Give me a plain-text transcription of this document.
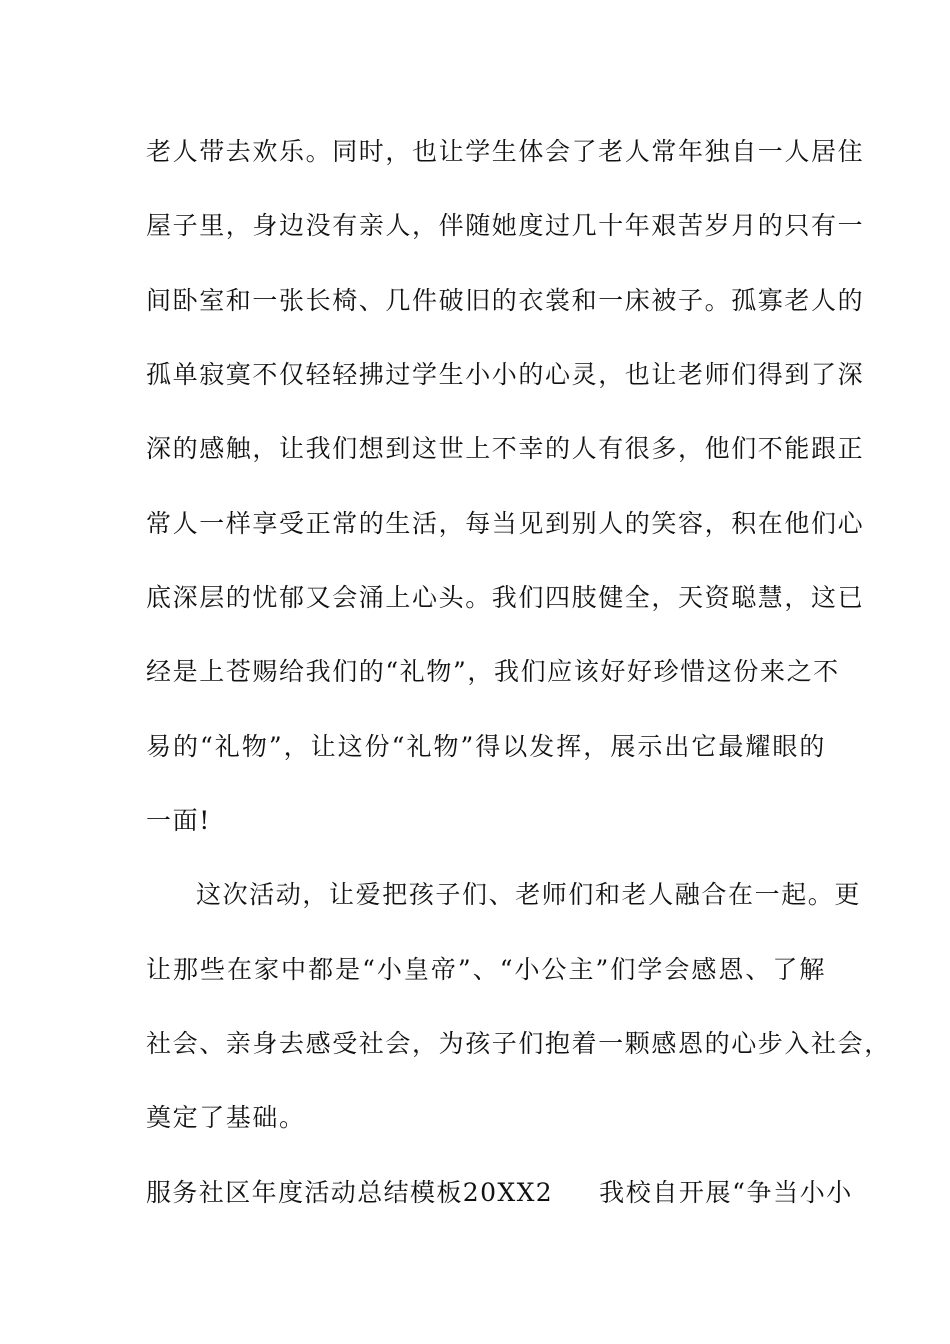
老人带去欢乐。同时，也让学生体会了老人常年独自一人居住
屋子里，身边没有亲人，伴随她度过几十年艰苦岁月的只有一
间卧室和一张长椅、几件破旧的衣裳和一床被子。孤寡老人的
孤单寂寞不仅轻轻拂过学生小小的心灵，也让老师们得到了深
深的感触，让我们想到这世上不幸的人有很多，他们不能跟正
常人一样享受正常的生活，每当见到别人的笑容，积在他们心
底深层的忧郁又会涌上心头。我们四肢健全，天资聪慧，这已
经是上苍赐给我们的“礼物”，我们应该好好珍惜这份来之不
易的“礼物”，让这份“礼物”得以发挥，展示出它最耀眼的
一面!
这次活动，让爱把孩子们、老师们和老人融合在一起。更
让那些在家中都是“小皇帝”、“小公主”们学会感恩、了解
社会、亲身去感受社会，为孩子们抱着一颗感恩的心步入社会，
奠定了基础。
服务社区年度活动总结模板20XX2 我校自开展“争当小小
